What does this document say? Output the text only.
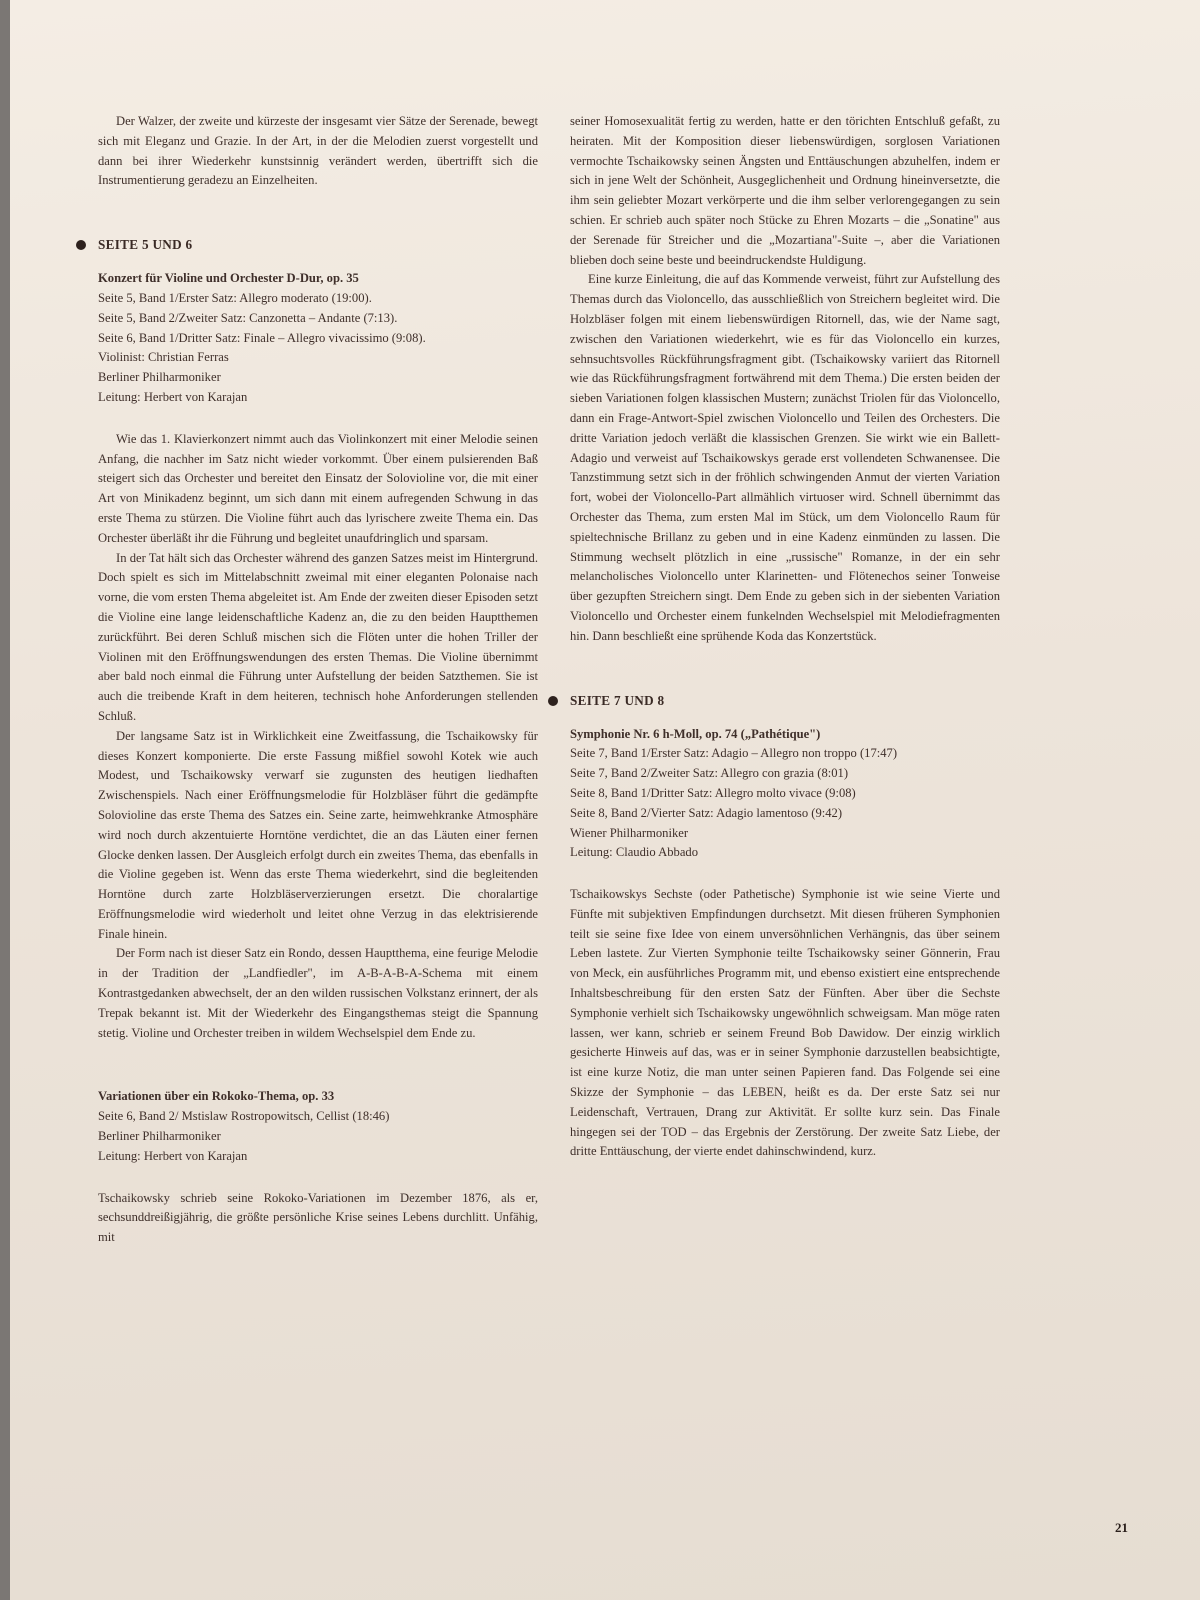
Der Walzer, der zweite und kürzeste der insgesamt vier Sätze der Serenade, bewegt sich mit Eleganz und Grazie. In der Art, in der die Melodien zuerst vorgestellt und dann bei ihrer Wiederkehr kunstsinnig verändert werden, übertrifft sich die Instrumentierung geradezu an Einzelheiten.

SEITE 5 UND 6
Konzert für Violine und Orchester D-Dur, op. 35
Seite 5, Band 1/Erster Satz: Allegro moderato (19:00).
Seite 5, Band 2/Zweiter Satz: Canzonetta – Andante (7:13).
Seite 6, Band 1/Dritter Satz: Finale – Allegro vivacissimo (9:08).
Violinist: Christian Ferras
Berliner Philharmoniker
Leitung: Herbert von Karajan

Wie das 1. Klavierkonzert nimmt auch das Violinkonzert mit einer Melodie seinen Anfang, die nachher im Satz nicht wieder vorkommt. Über einem pulsierenden Baß steigert sich das Orchester und bereitet den Einsatz der Solovioline vor, die mit einer Art von Minikadenz beginnt, um sich dann mit einem aufregenden Schwung in das erste Thema zu stürzen. Die Violine führt auch das lyrischere zweite Thema ein. Das Orchester überläßt ihr die Führung und begleitet unaufdringlich und sparsam.

In der Tat hält sich das Orchester während des ganzen Satzes meist im Hintergrund. Doch spielt es sich im Mittelabschnitt zweimal mit einer eleganten Polonaise nach vorne, die vom ersten Thema abgeleitet ist. Am Ende der zweiten dieser Episoden setzt die Violine eine lange leidenschaftliche Kadenz an, die zu den beiden Hauptthemen zurückführt. Bei deren Schluß mischen sich die Flöten unter die hohen Triller der Violinen mit den Eröffnungswendungen des ersten Themas. Die Violine übernimmt aber bald noch einmal die Führung unter Aufstellung der beiden Satzthemen. Sie ist auch die treibende Kraft in dem heiteren, technisch hohe Anforderungen stellenden Schluß.

Der langsame Satz ist in Wirklichkeit eine Zweitfassung, die Tschaikowsky für dieses Konzert komponierte. Die erste Fassung mißfiel sowohl Kotek wie auch Modest, und Tschaikowsky verwarf sie zugunsten des heutigen liedhaften Zwischenspiels. Nach einer Eröffnungsmelodie für Holzbläser führt die gedämpfte Solovioline das erste Thema des Satzes ein. Seine zarte, heimwehkranke Atmosphäre wird noch durch akzentuierte Horntöne verdichtet, die an das Läuten einer fernen Glocke denken lassen. Der Ausgleich erfolgt durch ein zweites Thema, das ebenfalls in die Violine gegeben ist. Wenn das erste Thema wiederkehrt, sind die begleitenden Horntöne durch zarte Holzbläserverzierungen ersetzt. Die choralartige Eröffnungsmelodie wird wiederholt und leitet ohne Verzug in das elektrisierende Finale hinein.

Der Form nach ist dieser Satz ein Rondo, dessen Hauptthema, eine feurige Melodie in der Tradition der „Landfiedler", im A-B-A-B-A-Schema mit einem Kontrastgedanken abwechselt, der an den wilden russischen Volkstanz erinnert, der als Trepak bekannt ist. Mit der Wiederkehr des Eingangsthemas steigt die Spannung stetig. Violine und Orchester treiben in wildem Wechselspiel dem Ende zu.

Variationen über ein Rokoko-Thema, op. 33
Seite 6, Band 2/ Mstislaw Rostropowitsch, Cellist (18:46)
Berliner Philharmoniker
Leitung: Herbert von Karajan

Tschaikowsky schrieb seine Rokoko-Variationen im Dezember 1876, als er, sechsunddreißigjährig, die größte persönliche Krise seines Lebens durchlitt. Unfähig, mit

seiner Homosexualität fertig zu werden, hatte er den törichten Entschluß gefaßt, zu heiraten. Mit der Komposition dieser liebenswürdigen, sorglosen Variationen vermochte Tschaikowsky seinen Ängsten und Enttäuschungen abzuhelfen, indem er sich in jene Welt der Schönheit, Ausgeglichenheit und Ordnung hineinversetzte, die ihm sein geliebter Mozart verkörperte und die ihm selber verlorengegangen zu sein schien. Er schrieb auch später noch Stücke zu Ehren Mozarts – die „Sonatine" aus der Serenade für Streicher und die „Mozartiana"-Suite –, aber die Variationen blieben doch seine beste und beeindruckendste Huldigung.

Eine kurze Einleitung, die auf das Kommende verweist, führt zur Aufstellung des Themas durch das Violoncello, das ausschließlich von Streichern begleitet wird. Die Holzbläser folgen mit einem liebenswürdigen Ritornell, das, wie der Name sagt, zwischen den Variationen wiederkehrt, wie es für das Violoncello ein kurzes, sehnsuchtsvolles Rückführungsfragment gibt. (Tschaikowsky variiert das Ritornell wie das Rückführungsfragment fortwährend mit dem Thema.) Die ersten beiden der sieben Variationen folgen klassischen Mustern; zunächst Triolen für das Violoncello, dann ein Frage-Antwort-Spiel zwischen Violoncello und Teilen des Orchesters. Die dritte Variation jedoch verläßt die klassischen Grenzen. Sie wirkt wie ein Ballett-Adagio und verweist auf Tschaikowskys gerade erst vollendeten Schwanensee. Die Tanzstimmung setzt sich in der fröhlich schwingenden Anmut der vierten Variation fort, wobei der Violoncello-Part allmählich virtuoser wird. Schnell übernimmt das Orchester das Thema, zum ersten Mal im Stück, um dem Violoncello Raum für spieltechnische Brillanz zu geben und in eine Kadenz einmünden zu lassen. Die Stimmung wechselt plötzlich in eine „russische" Romanze, in der ein sehr melancholisches Violoncello unter Klarinetten- und Flötenechos seiner Tonweise über gezupften Streichern singt. Dem Ende zu geben sich in der siebenten Variation Violoncello und Orchester einem funkelnden Wechselspiel mit Melodiefragmenten hin. Dann beschließt eine sprühende Koda das Konzertstück.

SEITE 7 UND 8
Symphonie Nr. 6 h-Moll, op. 74 („Pathétique")
Seite 7, Band 1/Erster Satz: Adagio – Allegro non troppo (17:47)
Seite 7, Band 2/Zweiter Satz: Allegro con grazia (8:01)
Seite 8, Band 1/Dritter Satz: Allegro molto vivace (9:08)
Seite 8, Band 2/Vierter Satz: Adagio lamentoso (9:42)
Wiener Philharmoniker
Leitung: Claudio Abbado

Tschaikowskys Sechste (oder Pathetische) Symphonie ist wie seine Vierte und Fünfte mit subjektiven Empfindungen durchsetzt. Mit diesen früheren Symphonien teilt sie seine fixe Idee von einem unversöhnlichen Verhängnis, das über seinem Leben lastete. Zur Vierten Symphonie teilte Tschaikowsky seiner Gönnerin, Frau von Meck, ein ausführliches Programm mit, und ebenso existiert eine entsprechende Inhaltsbeschreibung für den ersten Satz der Fünften. Aber über die Sechste Symphonie verhielt sich Tschaikowsky ungewöhnlich schweigsam. Man möge raten lassen, wer kann, schrieb er seinem Freund Bob Dawidow. Der einzig wirklich gesicherte Hinweis auf das, was er in seiner Symphonie darzustellen beabsichtigte, ist eine kurze Notiz, die man unter seinen Papieren fand. Das Folgende sei eine Skizze der Symphonie – das LEBEN, heißt es da. Der erste Satz sei nur Leidenschaft, Vertrauen, Drang zur Aktivität. Er sollte kurz sein. Das Finale hingegen sei der TOD – das Ergebnis der Zerstörung. Der zweite Satz Liebe, der dritte Enttäuschung, der vierte endet dahinschwindend, kurz.

21
